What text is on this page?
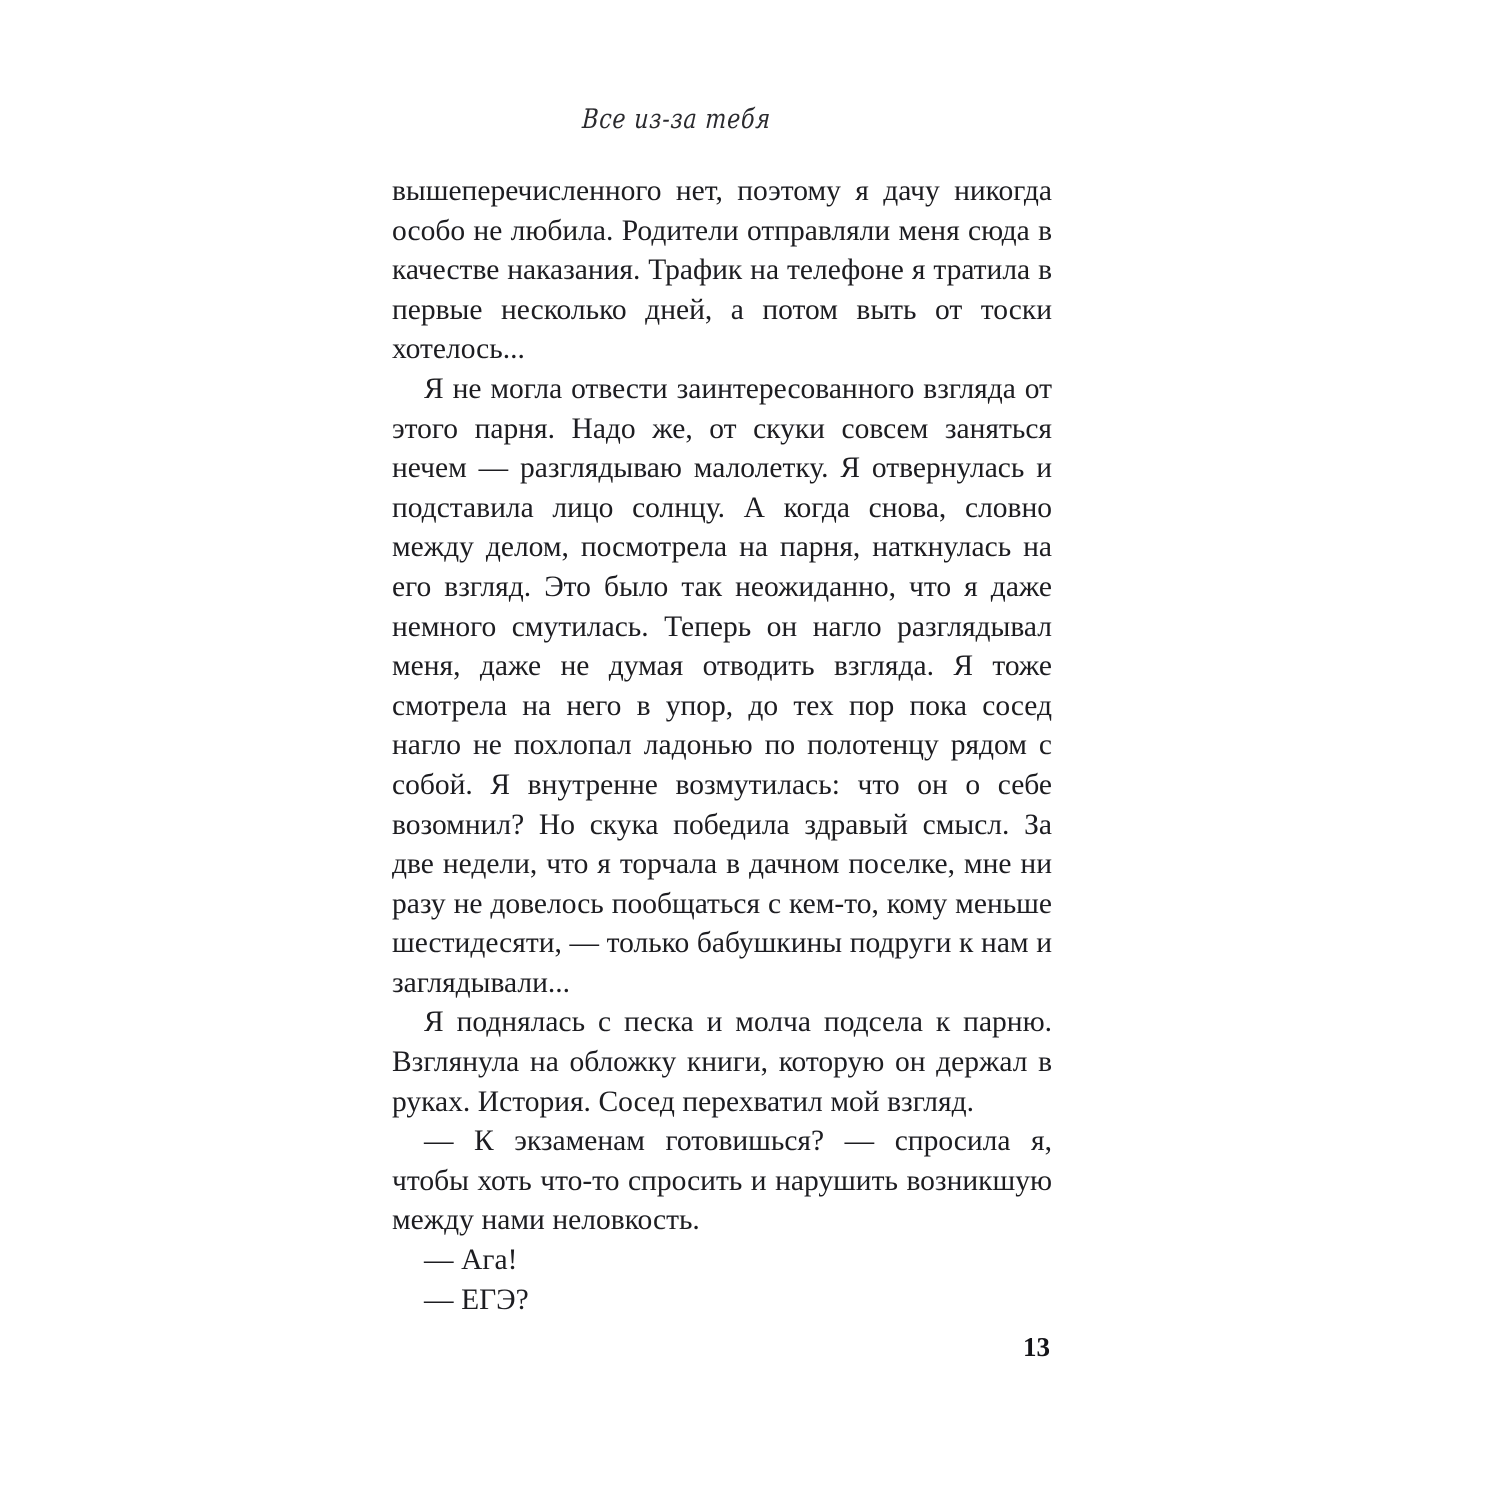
Все из-за тебя

вышеперечисленного нет, поэтому я дачу никогда особо не любила. Родители отправляли меня сюда в качестве наказания. Трафик на телефоне я тратила в первые несколько дней, а потом выть от тоски хотелось...

Я не могла отвести заинтересованного взгляда от этого парня. Надо же, от скуки совсем заняться нечем — разглядываю малолетку. Я отвернулась и подставила лицо солнцу. А когда снова, словно между делом, посмотрела на парня, наткнулась на его взгляд. Это было так неожиданно, что я даже немного смутилась. Теперь он нагло разглядывал меня, даже не думая отводить взгляда. Я тоже смотрела на него в упор, до тех пор пока сосед нагло не похлопал ладонью по полотенцу рядом с собой. Я внутренне возмутилась: что он о себе возомнил? Но скука победила здравый смысл. За две недели, что я торчала в дачном поселке, мне ни разу не довелось пообщаться с кем-то, кому меньше шестидесяти, — только бабушкины подруги к нам и заглядывали...

Я поднялась с песка и молча подсела к парню. Взглянула на обложку книги, которую он держал в руках. История. Сосед перехватил мой взгляд.

— К экзаменам готовишься? — спросила я, чтобы хоть что-то спросить и нарушить возникшую между нами неловкость.

— Ага!

— ЕГЭ?

13
